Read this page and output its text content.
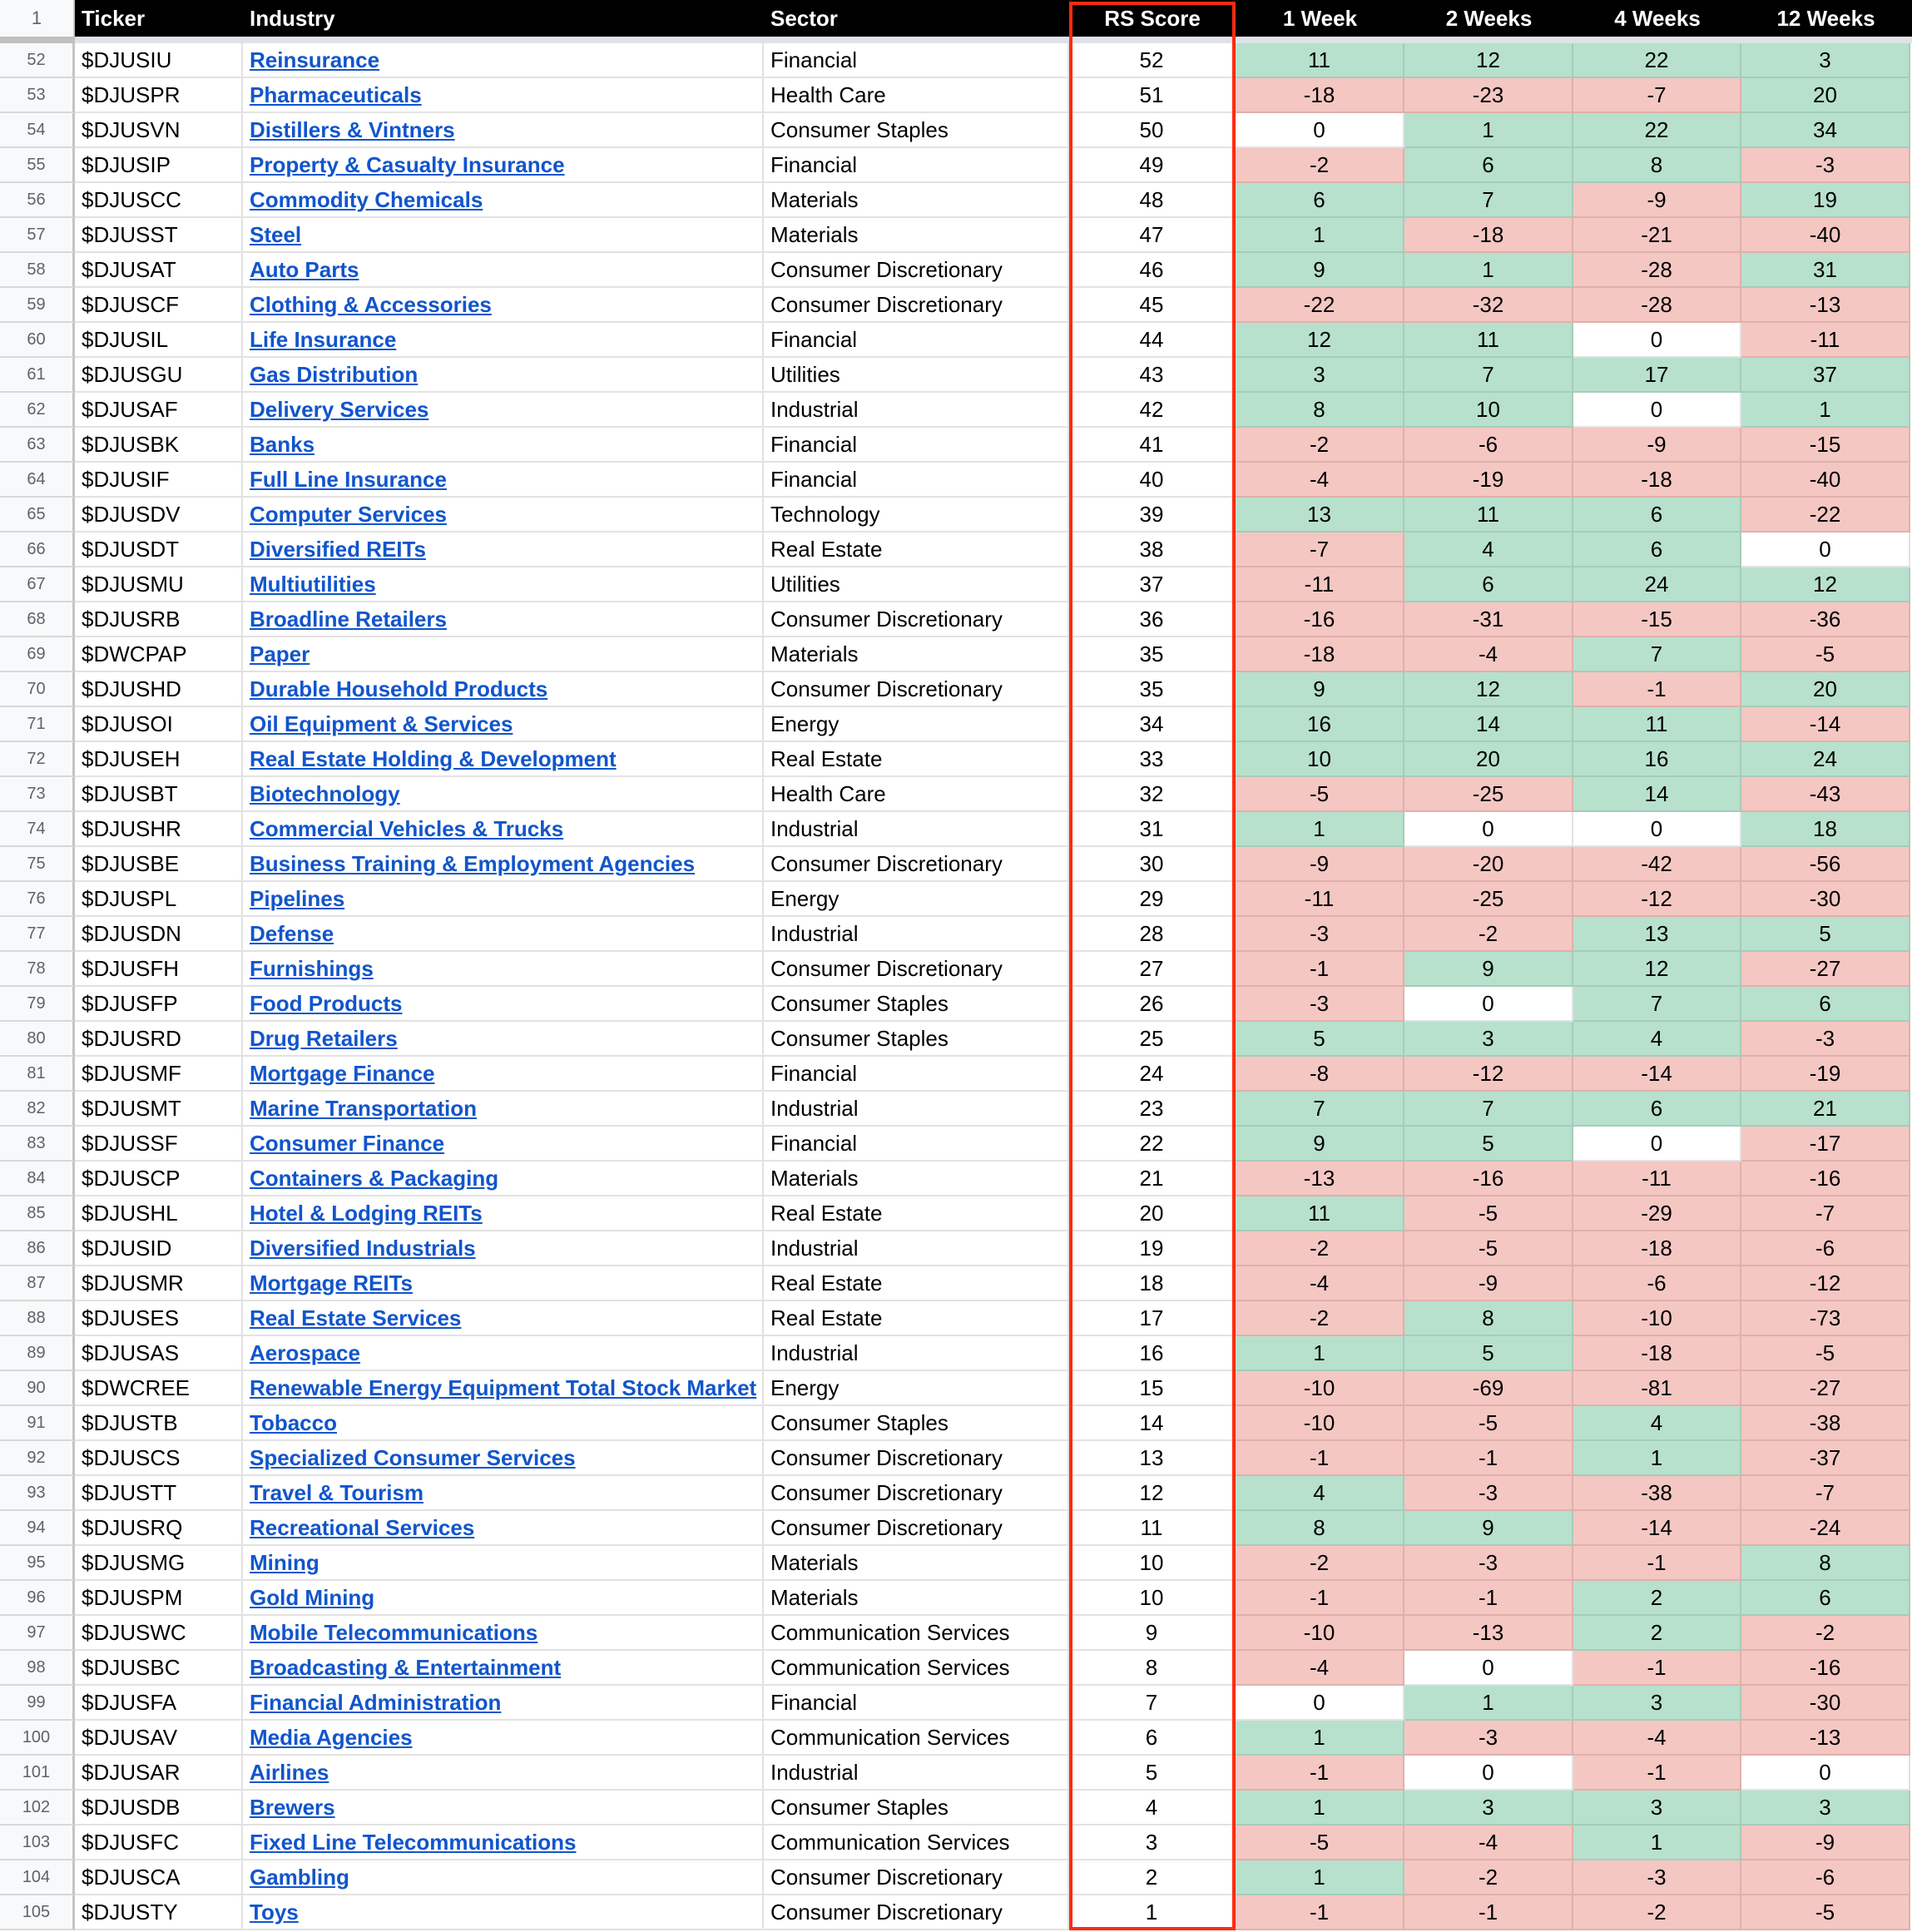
1	Ticker	Industry	Sector	RS Score	1 Week	2 Weeks	4 Weeks	12 Weeks
52	$DJUSIU	Reinsurance	Financial	52	11	12	22	3
53	$DJUSPR	Pharmaceuticals	Health Care	51	-18	-23	-7	20
54	$DJUSVN	Distillers & Vintners	Consumer Staples	50	0	1	22	34
55	$DJUSIP	Property & Casualty Insurance	Financial	49	-2	6	8	-3
56	$DJUSCC	Commodity Chemicals	Materials	48	6	7	-9	19
57	$DJUSST	Steel	Materials	47	1	-18	-21	-40
58	$DJUSAT	Auto Parts	Consumer Discretionary	46	9	1	-28	31
59	$DJUSCF	Clothing & Accessories	Consumer Discretionary	45	-22	-32	-28	-13
60	$DJUSIL	Life Insurance	Financial	44	12	11	0	-11
61	$DJUSGU	Gas Distribution	Utilities	43	3	7	17	37
62	$DJUSAF	Delivery Services	Industrial	42	8	10	0	1
63	$DJUSBK	Banks	Financial	41	-2	-6	-9	-15
64	$DJUSIF	Full Line Insurance	Financial	40	-4	-19	-18	-40
65	$DJUSDV	Computer Services	Technology	39	13	11	6	-22
66	$DJUSDT	Diversified REITs	Real Estate	38	-7	4	6	0
67	$DJUSMU	Multiutilities	Utilities	37	-11	6	24	12
68	$DJUSRB	Broadline Retailers	Consumer Discretionary	36	-16	-31	-15	-36
69	$DWCPAP	Paper	Materials	35	-18	-4	7	-5
70	$DJUSHD	Durable Household Products	Consumer Discretionary	35	9	12	-1	20
71	$DJUSOI	Oil Equipment & Services	Energy	34	16	14	11	-14
72	$DJUSEH	Real Estate Holding & Development	Real Estate	33	10	20	16	24
73	$DJUSBT	Biotechnology	Health Care	32	-5	-25	14	-43
74	$DJUSHR	Commercial Vehicles & Trucks	Industrial	31	1	0	0	18
75	$DJUSBE	Business Training & Employment Agencies	Consumer Discretionary	30	-9	-20	-42	-56
76	$DJUSPL	Pipelines	Energy	29	-11	-25	-12	-30
77	$DJUSDN	Defense	Industrial	28	-3	-2	13	5
78	$DJUSFH	Furnishings	Consumer Discretionary	27	-1	9	12	-27
79	$DJUSFP	Food Products	Consumer Staples	26	-3	0	7	6
80	$DJUSRD	Drug Retailers	Consumer Staples	25	5	3	4	-3
81	$DJUSMF	Mortgage Finance	Financial	24	-8	-12	-14	-19
82	$DJUSMT	Marine Transportation	Industrial	23	7	7	6	21
83	$DJUSSF	Consumer Finance	Financial	22	9	5	0	-17
84	$DJUSCP	Containers & Packaging	Materials	21	-13	-16	-11	-16
85	$DJUSHL	Hotel & Lodging REITs	Real Estate	20	11	-5	-29	-7
86	$DJUSID	Diversified Industrials	Industrial	19	-2	-5	-18	-6
87	$DJUSMR	Mortgage REITs	Real Estate	18	-4	-9	-6	-12
88	$DJUSES	Real Estate Services	Real Estate	17	-2	8	-10	-73
89	$DJUSAS	Aerospace	Industrial	16	1	5	-18	-5
90	$DWCREE	Renewable Energy Equipment Total Stock Market Energy	15	-10	-69	-81	-27
91	$DJUSTB	Tobacco	Consumer Staples	14	-10	-5	4	-38
92	$DJUSCS	Specialized Consumer Services	Consumer Discretionary	13	-1	-1	1	-37
93	$DJUSTT	Travel & Tourism	Consumer Discretionary	12	4	-3	-38	-7
94	$DJUSRQ	Recreational Services	Consumer Discretionary	11	8	9	-14	-24
95	$DJUSMG	Mining	Materials	10	-2	-3	-1	8
96	$DJUSPM	Gold Mining	Materials	10	-1	-1	2	6
97	$DJUSWC	Mobile Telecommunications	Communication Services	9	-10	-13	2	-2
98	$DJUSBC	Broadcasting & Entertainment	Communication Services	8	-4	0	-1	-16
99	$DJUSFA	Financial Administration	Financial	7	0	1	3	-30
100	$DJUSAV	Media Agencies	Communication Services	6	1	-3	-4	-13
101	$DJUSAR	Airlines	Industrial	5	-1	0	-1	0
102	$DJUSDB	Brewers	Consumer Staples	4	1	3	3	3
103	$DJUSFC	Fixed Line Telecommunications	Communication Services	3	-5	-4	1	-9
104	$DJUSCA	Gambling	Consumer Discretionary	2	1	-2	-3	-6
105	$DJUSTY	Toys	Consumer Discretionary	1	-1	-1	-2	-5
